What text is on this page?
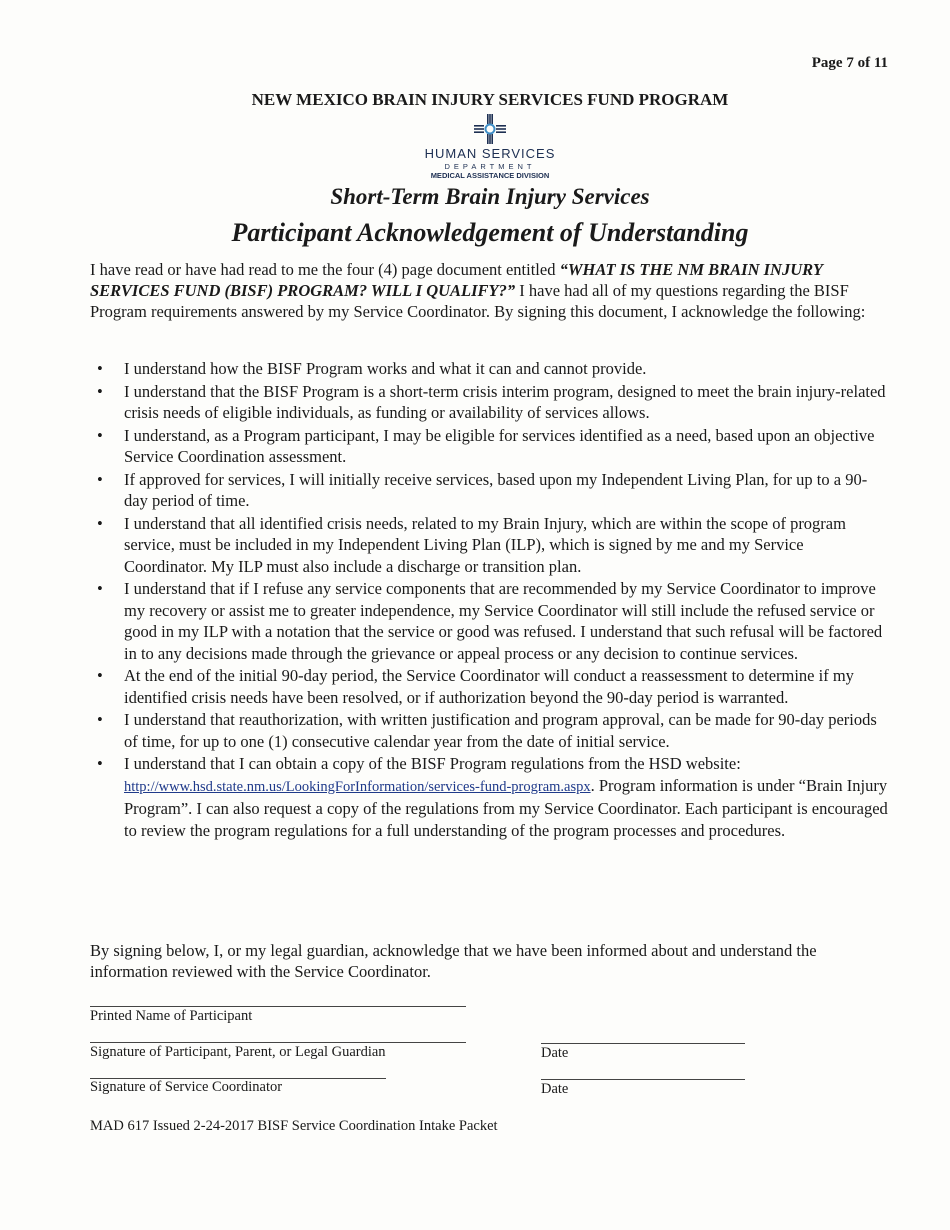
Page 7 of 11
NEW MEXICO BRAIN INJURY SERVICES FUND PROGRAM
HUMAN SERVICES
DEPARTMENT
MEDICAL ASSISTANCE DIVISION
Short-Term Brain Injury Services
Participant Acknowledgement of Understanding
I have read or have had read to me the four (4) page document entitled “WHAT IS THE NM BRAIN INJURY SERVICES FUND (BISF) PROGRAM? WILL I QUALIFY?” I have had all of my questions regarding the BISF Program requirements answered by my Service Coordinator. By signing this document, I acknowledge the following:
• I understand how the BISF Program works and what it can and cannot provide.
• I understand that the BISF Program is a short-term crisis interim program, designed to meet the brain injury-related crisis needs of eligible individuals, as funding or availability of services allows.
• I understand, as a Program participant, I may be eligible for services identified as a need, based upon an objective Service Coordination assessment.
• If approved for services, I will initially receive services, based upon my Independent Living Plan, for up to a 90-day period of time.
• I understand that all identified crisis needs, related to my Brain Injury, which are within the scope of program service, must be included in my Independent Living Plan (ILP), which is signed by me and my Service Coordinator. My ILP must also include a discharge or transition plan.
• I understand that if I refuse any service components that are recommended by my Service Coordinator to improve my recovery or assist me to greater independence, my Service Coordinator will still include the refused service or good in my ILP with a notation that the service or good was refused. I understand that such refusal will be factored in to any decisions made through the grievance or appeal process or any decision to continue services.
• At the end of the initial 90-day period, the Service Coordinator will conduct a reassessment to determine if my identified crisis needs have been resolved, or if authorization beyond the 90-day period is warranted.
• I understand that reauthorization, with written justification and program approval, can be made for 90-day periods of time, for up to one (1) consecutive calendar year from the date of initial service.
• I understand that I can obtain a copy of the BISF Program regulations from the HSD website: http://www.hsd.state.nm.us/LookingForInformation/services-fund-program.aspx. Program information is under “Brain Injury Program”. I can also request a copy of the regulations from my Service Coordinator. Each participant is encouraged to review the program regulations for a full understanding of the program processes and procedures.
By signing below, I, or my legal guardian, acknowledge that we have been informed about and understand the information reviewed with the Service Coordinator.
Printed Name of Participant
Signature of Participant, Parent, or Legal Guardian	Date
Signature of Service Coordinator	Date
MAD 617 Issued 2-24-2017 BISF Service Coordination Intake Packet
